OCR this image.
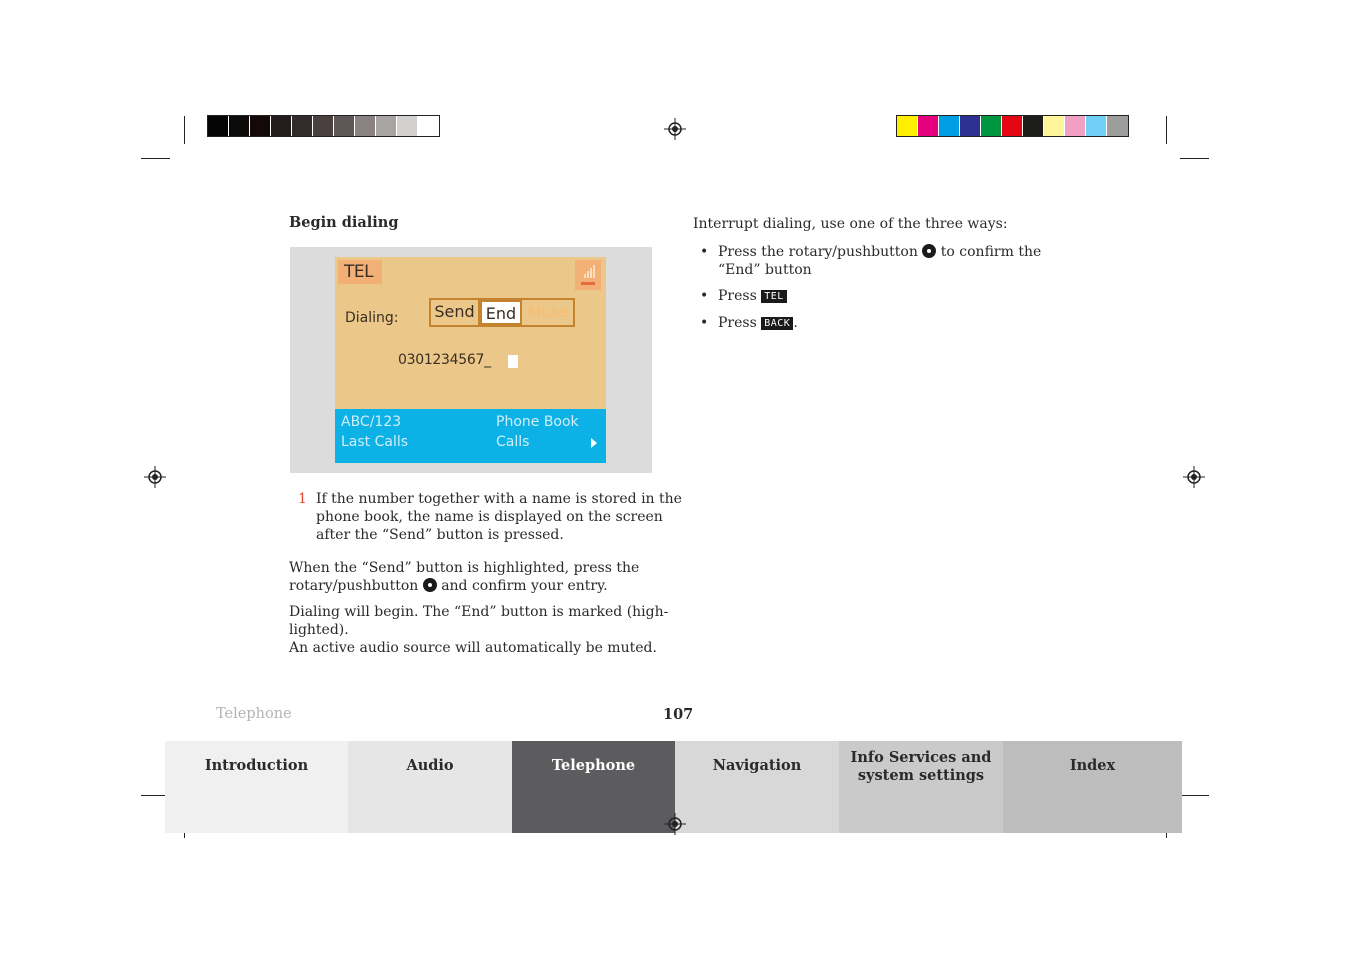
Begin dialing
TEL
Dialing: Send End Mute
0301234567_
ABC/123
Last Calls
Phone Book
Calls
1 If the number together with a name is stored in the
phone book, the name is displayed on the screen
after the “Send” button is pressed.
When the “Send” button is highlighted, press the
rotary/pushbutton and confirm your entry.
Dialing will begin. The “End” button is marked (high-
lighted).
An active audio source will automatically be muted.
Interrupt dialing, use one of the three ways:
• Press the rotary/pushbutton to confirm the
“End” button
• Press TEL
• Press BACK .
Telephone	107
Introduction	Audio	Telephone	Navigation	Info Services and
system settings
Index
